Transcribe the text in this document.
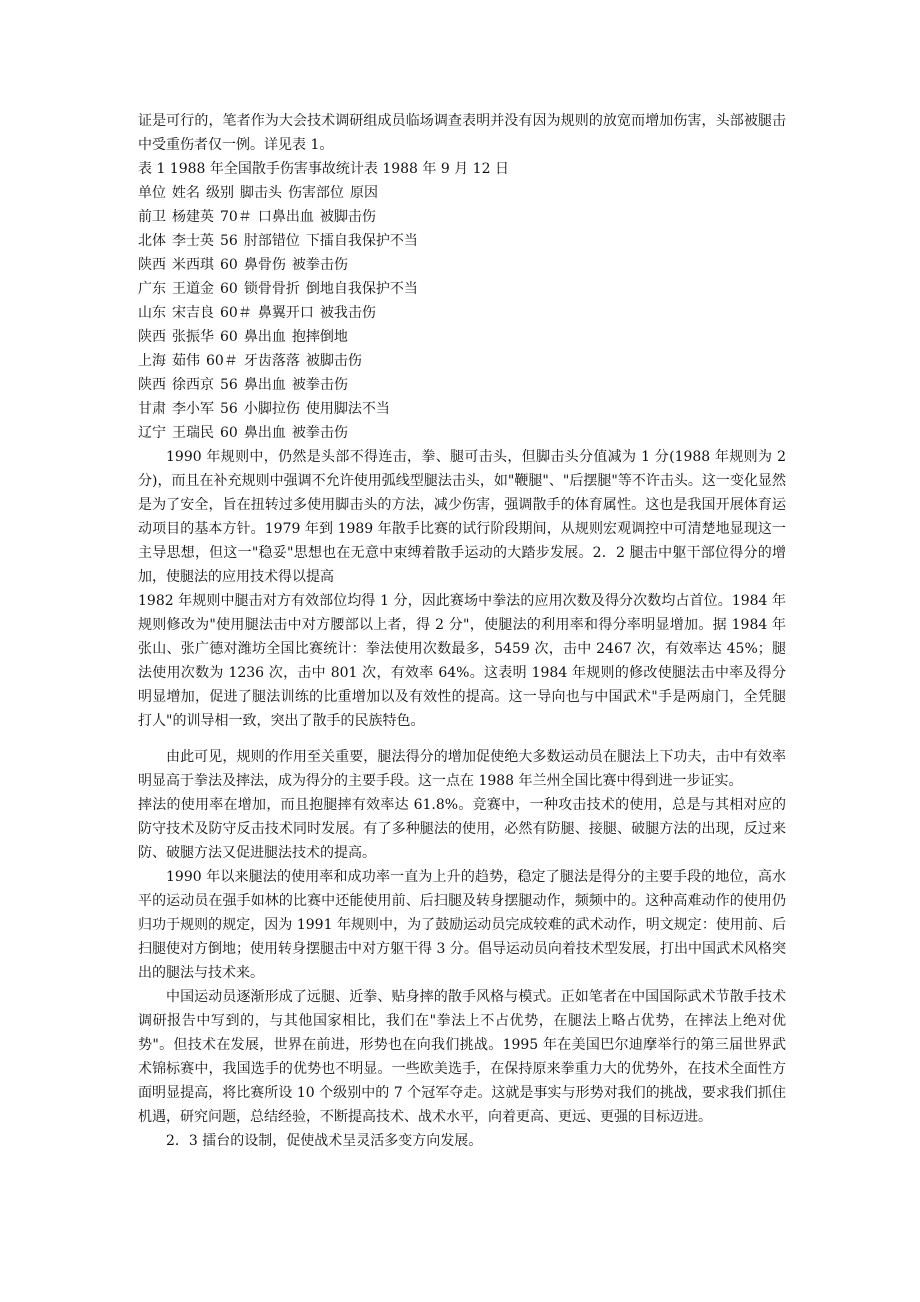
证是可行的，笔者作为大会技术调研组成员临场调查表明并没有因为规则的放宽而增加伤害，头部被腿击中受重伤者仅一例。详见表 1。

表 1 1988 年全国散手伤害事故统计表 1988 年 9 月 12 日

单位 姓名 级别 脚击头 伤害部位 原因

前卫 杨建英 70＃ 口鼻出血 被脚击伤

北体 李士英 56 肘部错位 下擂自我保护不当

陕西 米西琪 60 鼻骨伤 被拳击伤

广东 王道金 60 锁骨骨折 倒地自我保护不当

山东 宋吉良 60＃ 鼻翼开口 被我击伤

陕西 张振华 60 鼻出血 抱摔倒地

上海 茹伟 60＃ 牙齿落落 被脚击伤

陕西 徐西京 56 鼻出血 被拳击伤

甘肃 李小军 56 小脚拉伤 使用脚法不当

辽宁 王瑞民 60 鼻出血 被拳击伤

1990 年规则中，仍然是头部不得连击，拳、腿可击头，但脚击头分值减为 1 分(1988 年规则为 2 分)，而且在补充规则中强调不允许使用弧线型腿法击头，如"鞭腿"、"后摆腿"等不许击头。这一变化显然是为了安全，旨在扭转过多使用脚击头的方法，减少伤害，强调散手的体育属性。这也是我国开展体育运动项目的基本方针。1979 年到 1989 年散手比赛的试行阶段期间，从规则宏观调控中可清楚地显现这一主导思想，但这一"稳妥"思想也在无意中束缚着散手运动的大踏步发展。2．2 腿击中躯干部位得分的增加，使腿法的应用技术得以提高

1982 年规则中腿击对方有效部位均得 1 分，因此赛场中拳法的应用次数及得分次数均占首位。1984 年规则修改为"使用腿法击中对方腰部以上者，得 2 分"，使腿法的利用率和得分率明显增加。据 1984 年张山、张广德对潍坊全国比赛统计：拳法使用次数最多，5459 次，击中 2467 次，有效率达 45%；腿法使用次数为 1236 次，击中 801 次，有效率 64%。这表明 1984 年规则的修改使腿法击中率及得分明显增加，促进了腿法训练的比重增加以及有效性的提高。这一导向也与中国武术"手是两扇门，全凭腿打人"的训导相一致，突出了散手的民族特色。

由此可见，规则的作用至关重要，腿法得分的增加促使绝大多数运动员在腿法上下功夫，击中有效率明显高于拳法及摔法，成为得分的主要手段。这一点在 1988 年兰州全国比赛中得到进一步证实。

摔法的使用率在增加，而且抱腿摔有效率达 61.8%。竞赛中，一种攻击技术的使用，总是与其相对应的防守技术及防守反击技术同时发展。有了多种腿法的使用，必然有防腿、接腿、破腿方法的出现，反过来防、破腿方法又促进腿法技术的提高。

1990 年以来腿法的使用率和成功率一直为上升的趋势，稳定了腿法是得分的主要手段的地位，高水平的运动员在强手如林的比赛中还能使用前、后扫腿及转身摆腿动作，频频中的。这种高难动作的使用仍归功于规则的规定，因为 1991 年规则中，为了鼓励运动员完成较难的武术动作，明文规定：使用前、后扫腿使对方倒地；使用转身摆腿击中对方躯干得 3 分。倡导运动员向着技术型发展，打出中国武术风格突出的腿法与技术来。

中国运动员逐渐形成了远腿、近拳、贴身摔的散手风格与模式。正如笔者在中国国际武术节散手技术调研报告中写到的，与其他国家相比，我们在"拳法上不占优势，在腿法上略占优势，在摔法上绝对优势"。但技术在发展，世界在前进，形势也在向我们挑战。1995 年在美国巴尔迪摩举行的第三届世界武术锦标赛中，我国选手的优势也不明显。一些欧美选手，在保持原来拳重力大的优势外，在技术全面性方面明显提高，将比赛所设 10 个级别中的 7 个冠军夺走。这就是事实与形势对我们的挑战，要求我们抓住机遇，研究问题，总结经验，不断提高技术、战术水平，向着更高、更远、更强的目标迈进。

2．3 擂台的设制，促使战术呈灵活多变方向发展。
